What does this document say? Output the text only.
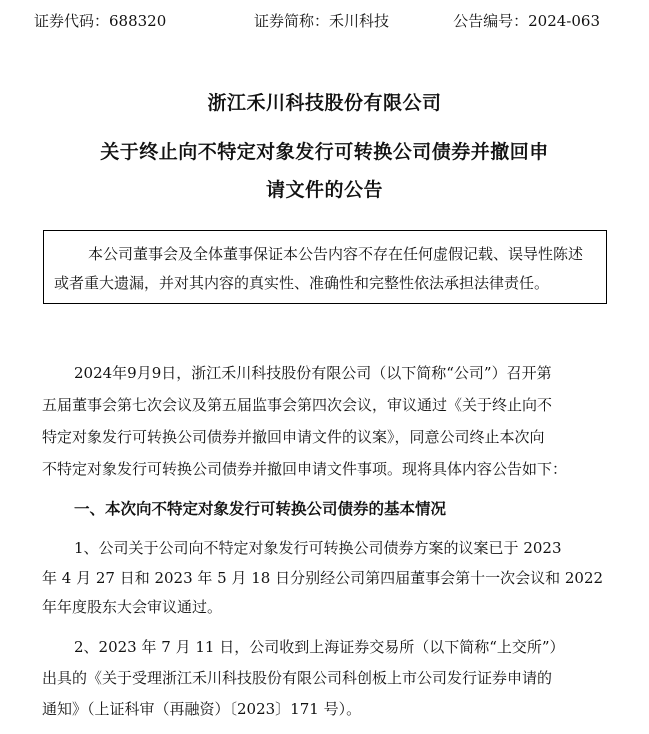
证券代码：688320	证券简称：禾川科技	公告编号：2024-063
浙江禾川科技股份有限公司
关于终止向不特定对象发行可转换公司债券并撤回申
请文件的公告
本公司董事会及全体董事保证本公告内容不存在任何虚假记载、误导性陈述
或者重大遗漏，并对其内容的真实性、准确性和完整性依法承担法律责任。
2024年9月9日，浙江禾川科技股份有限公司（以下简称“公司”）召开第
五届董事会第七次会议及第五届监事会第四次会议，审议通过《关于终止向不
特定对象发行可转换公司债券并撤回申请文件的议案》，同意公司终止本次向
不特定对象发行可转换公司债券并撤回申请文件事项。现将具体内容公告如下：
一、本次向不特定对象发行可转换公司债券的基本情况
1、公司关于公司向不特定对象发行可转换公司债券方案的议案已于 2023
年 4 月 27 日和 2023 年 5 月 18 日分别经公司第四届董事会第十一次会议和 2022
年年度股东大会审议通过。
2、2023 年 7 月 11 日，公司收到上海证券交易所（以下简称“上交所”）
出具的《关于受理浙江禾川科技股份有限公司科创板上市公司发行证券申请的
通知》（上证科审（再融资）〔2023〕171 号）。
